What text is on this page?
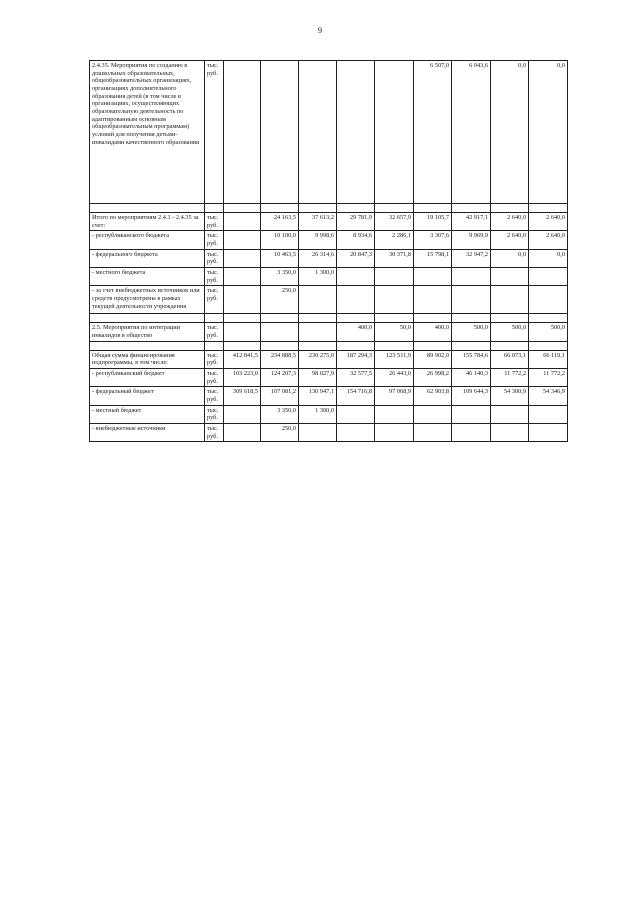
9
2.4.35. Мероприятия по созданию в дошкольных образовательных, общеобразовательных организациях, организациях дополнительного образования детей (в том числе в организациях, осуществляющих образовательную деятельность по адаптированным основным общеобразовательным программам) условий для получения детьми-инвалидами качественного образования	тыс. руб.						6 507,0	6 043,6	0,0	0,0

Итого по мероприятиям 2.4.1 - 2.4.35 за счет:	тыс. руб.		24 163,5	37 613,2	29 781,9	32 657,9	19 105,7	42 917,1	2 640,0	2 640,0
- республиканского бюджета	тыс. руб.		10 100,0	9 998,6	8 934,6	2 286,1	3 307,6	9 969,9	2 640,0	2 640,0
- федерального бюджета	тыс. руб.		10 463,5	26 314,6	20 847,3	30 371,8	15 798,1	32 947,2	0,0	0,0
- местного бюджета	тыс. руб.		3 350,0	1 300,0						
- за счет внебюджетных источников или средств предусмотрены в рамках текущей деятельности учреждения	тыс. руб.		250,0							

2.5. Мероприятия по интеграции инвалидов в общество	тыс. руб.				400,0	50,0	400,0	500,0	500,0	500,0

Общая сумма финансирования подпрограммы, в том числе:	тыс. руб.	412 841,5	234 888,5	230 275,0	187 294,3	123 511,9	89 902,0	155 784,6	66 073,1	66 119,1
- республиканский бюджет	тыс. руб.	103 223,0	124 207,3	98 027,9	32 577,5	26 443,0	26 998,2	46 140,3	11 772,2	11 772,2
- федеральный бюджет	тыс. руб.	309 618,5	107 081,2	130 947,1	154 716,8	97 068,9	62 903,8	109 644,3	54 300,9	54 346,9
- местный бюджет	тыс. руб.		3 350,0	1 300,0						
- внебюджетные источники	тыс. руб.		250,0							
